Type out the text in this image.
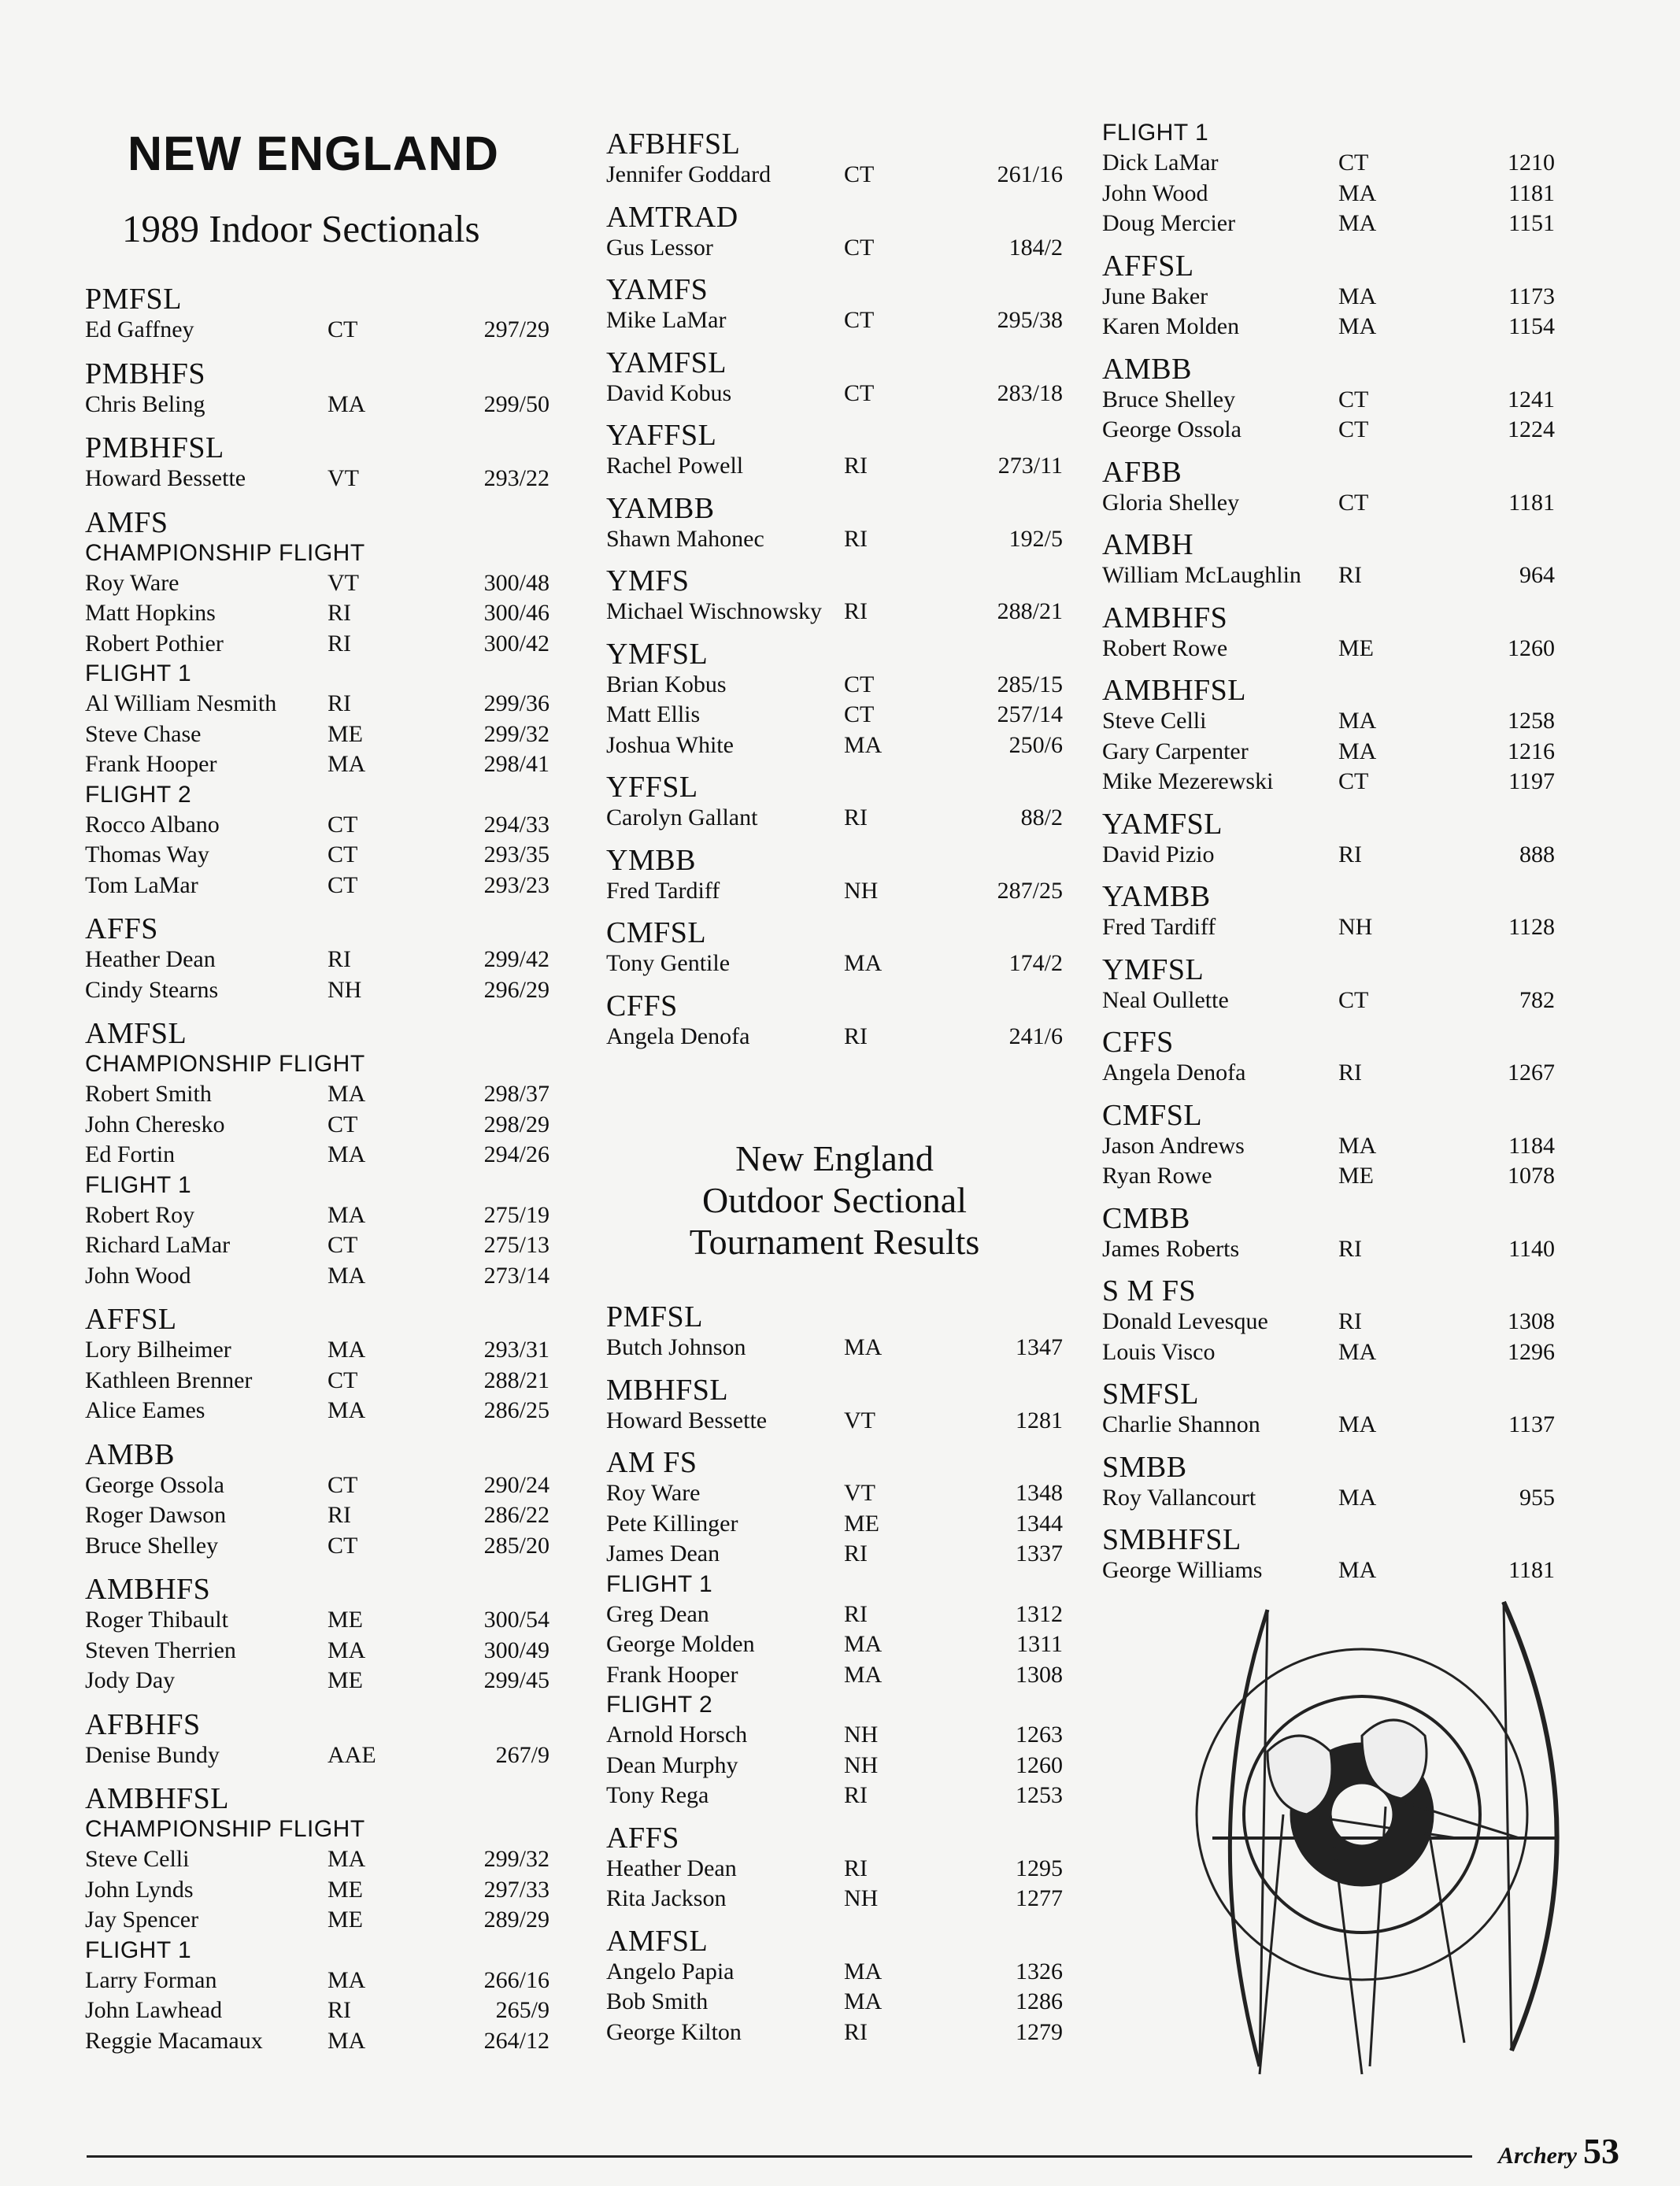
NEW ENGLAND
1989 Indoor Sectionals
PMFSL
Ed Gaffney	CT	297/29
PMBHFS
Chris Beling	MA	299/50
PMBHFSL
Howard Bessette	VT	293/22
AMFS
CHAMPIONSHIP FLIGHT
Roy Ware	VT	300/48
Matt Hopkins	RI	300/46
Robert Pothier	RI	300/42
FLIGHT 1
Al William Nesmith RI	299/36
Steve Chase	ME	299/32
Frank Hooper	MA	298/41
FLIGHT 2
Rocco Albano	CT	294/33
Thomas Way	CT	293/35
Tom LaMar	CT	293/23
AFFS
Heather Dean	RI	299/42
Cindy Stearns	NH	296/29
AMFSL
CHAMPIONSHIP FLIGHT
Robert Smith	MA	298/37
John Cheresko	CT	298/29
Ed Fortin	MA	294/26
FLIGHT 1
Robert Roy	MA	275/19
Richard LaMar	CT	275/13
John Wood	MA	273/14
AFFSL
Lory Bilheimer	MA	293/31
Kathleen Brenner	CT	288/21
Alice Eames	MA	286/25
AMBB
George Ossola	CT	290/24
Roger Dawson	RI	286/22
Bruce Shelley	CT	285/20
AMBHFS
Roger Thibault	ME	300/54
Steven Therrien	MA	300/49
Jody Day	ME	299/45
AFBHFS
Denise Bundy	AAE	267/9
AMBHFSL
CHAMPIONSHIP FLIGHT
Steve Celli	MA	299/32
John Lynds	ME	297/33
Jay Spencer	ME	289/29
FLIGHT 1
Larry Forman	MA	266/16
John Lawhead	RI	265/9
Reggie Macamaux	MA	264/12
New England
Outdoor Sectional
Tournament Results
AFBHFSL
Jennifer Goddard	CT	261/16
AMTRAD
Gus Lessor	CT	184/2
YAMFS
Mike LaMar	CT	295/38
YAMFSL
David Kobus	CT	283/18
YAFFSL
Rachel Powell	RI	273/11
YAMBB
Shawn Mahonec	RI	192/5
YMFS
Michael Wischnowsky RI	288/21
YMFSL
Brian Kobus	CT	285/15
Matt Ellis	CT	257/14
Joshua White	MA	250/6
YFFSL
Carolyn Gallant	RI	88/2
YMBB
Fred Tardiff	NH	287/25
CMFSL
Tony Gentile	MA	174/2
CFFS
Angela Denofa	RI	241/6
PMFSL
Butch Johnson	MA	1347
MBHFSL
Howard Bessette	VT	1281
AM FS
Roy Ware	VT	1348
Pete Killinger	ME	1344
James Dean	RI	1337
FLIGHT 1
Greg Dean	RI	1312
George Molden	MA	1311
Frank Hooper	MA	1308
FLIGHT 2
Arnold Horsch	NH	1263
Dean Murphy	NH	1260
Tony Rega	RI	1253
AFFS
Heather Dean	RI	1295
Rita Jackson	NH	1277
AMFSL
Angelo Papia	MA	1326
Bob Smith	MA	1286
George Kilton	RI	1279
FLIGHT 1
Dick LaMar	CT	1210
John Wood	MA	1181
Doug Mercier	MA	1151
AFFSL
June Baker	MA	1173
Karen Molden	MA	1154
AMBB
Bruce Shelley	CT	1241
George Ossola	CT	1224
AFBB
Gloria Shelley	CT	1181
AMBH
William McLaughlin RI	964
AMBHFS
Robert Rowe	ME	1260
AMBHFSL
Steve Celli	MA	1258
Gary Carpenter	MA	1216
Mike Mezerewski	CT	1197
YAMFSL
David Pizio	RI	888
YAMBB
Fred Tardiff	NH	1128
YMFSL
Neal Oullette	CT	782
CFFS
Angela Denofa	RI	1267
CMFSL
Jason Andrews	MA	1184
Ryan Rowe	ME	1078
CMBB
James Roberts	RI	1140
S M FS
Donald Levesque	RI	1308
Louis Visco	MA	1296
SMFSL
Charlie Shannon	MA	1137
SMBB
Roy Vallancourt	MA	955
SMBHFSL
George Williams	MA	1181
Archery 53
